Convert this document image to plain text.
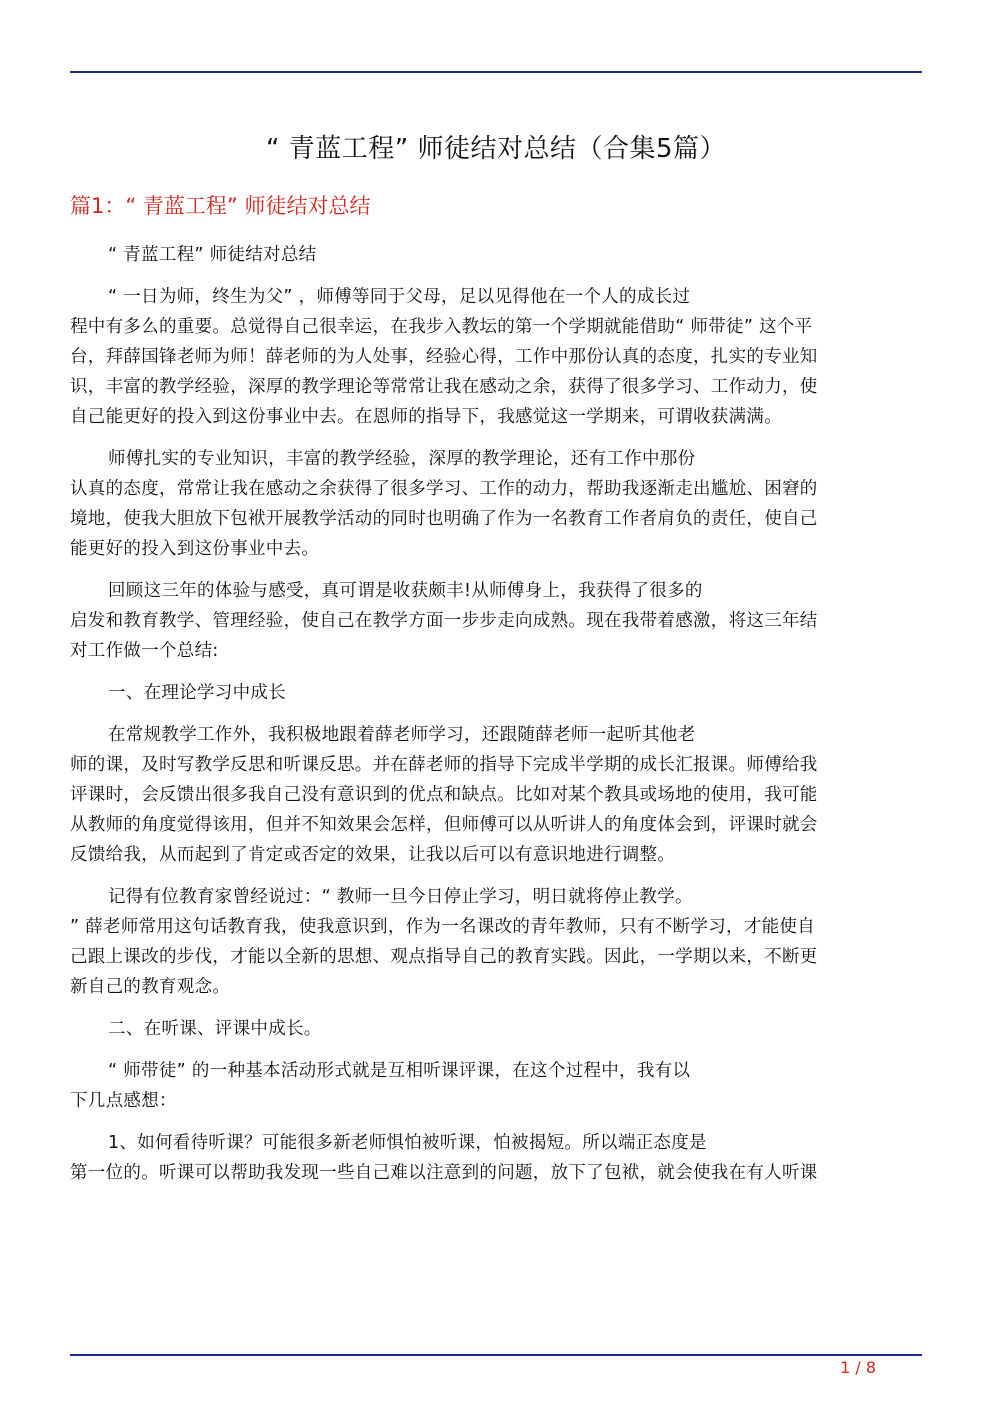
“ 青蓝工程” 师徒结对总结（合集5篇）
篇1：“ 青蓝工程” 师徒结对总结
“ 青蓝工程” 师徒结对总结
“ 一日为师，终生为父” ，师傅等同于父母，足以见得他在一个人的成长过
程中有多么的重要。总觉得自己很幸运，在我步入教坛的第一个学期就能借助“ 师带徒” 这个平
台，拜薛国锋老师为师！薛老师的为人处事，经验心得，工作中那份认真的态度，扎实的专业知
识，丰富的教学经验，深厚的教学理论等常常让我在感动之余，获得了很多学习、工作动力，使
自己能更好的投入到这份事业中去。在恩师的指导下，我感觉这一学期来，可谓收获满满。
师傅扎实的专业知识，丰富的教学经验，深厚的教学理论，还有工作中那份
认真的态度，常常让我在感动之余获得了很多学习、工作的动力，帮助我逐渐走出尴尬、困窘的
境地，使我大胆放下包袱开展教学活动的同时也明确了作为一名教育工作者肩负的责任，使自己
能更好的投入到这份事业中去。
回顾这三年的体验与感受，真可谓是收获颇丰!从师傅身上，我获得了很多的
启发和教育教学、管理经验，使自己在教学方面一步步走向成熟。现在我带着感激，将这三年结
对工作做一个总结:
一、在理论学习中成长
在常规教学工作外，我积极地跟着薛老师学习，还跟随薛老师一起听其他老
师的课，及时写教学反思和听课反思。并在薛老师的指导下完成半学期的成长汇报课。师傅给我
评课时，会反馈出很多我自己没有意识到的优点和缺点。比如对某个教具或场地的使用，我可能
从教师的角度觉得该用，但并不知效果会怎样，但师傅可以从听讲人的角度体会到，评课时就会
反馈给我，从而起到了肯定或否定的效果，让我以后可以有意识地进行调整。
记得有位教育家曾经说过：“ 教师一旦今日停止学习，明日就将停止教学。
” 薛老师常用这句话教育我，使我意识到，作为一名课改的青年教师，只有不断学习，才能使自
己跟上课改的步伐，才能以全新的思想、观点指导自己的教育实践。因此，一学期以来，不断更
新自己的教育观念。
二、在听课、评课中成长。
“ 师带徒” 的一种基本活动形式就是互相听课评课，在这个过程中，我有以
下几点感想：
1、如何看待听课？可能很多新老师惧怕被听课，怕被揭短。所以端正态度是
第一位的。听课可以帮助我发现一些自己难以注意到的问题，放下了包袱，就会使我在有人听课
1 / 8
